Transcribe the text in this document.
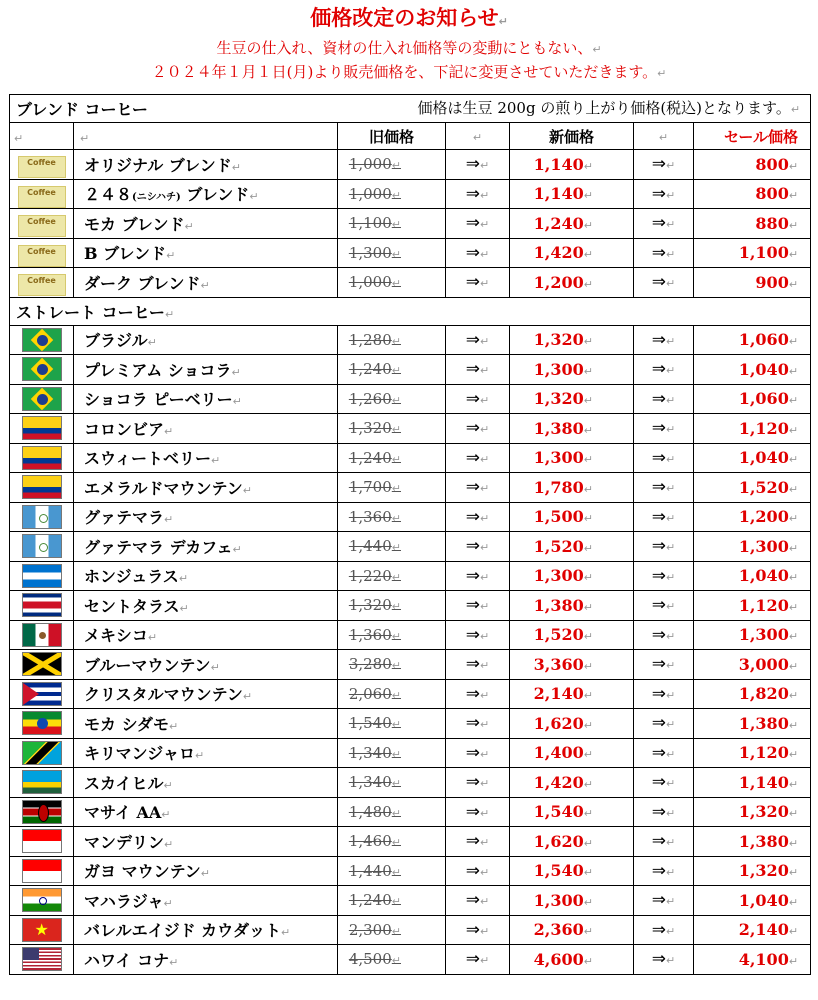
価格改定のお知らせ↵
生豆の仕入れ、資材の仕入れ価格等の変動にともない、↵
２０２４年１月１日(月)より販売価格を、下記に変更させていただきます。↵
ブレンド コーヒー 価格は生豆 200g の煎り上がり価格(税込)となります。↵						

↵	↵	旧価格	↵	新価格	↵	セール価格
Coffee	オリジナル ブレンド↵	1,000↵	⇒↵	1,140↵	⇒↵	800↵
Coffee	２４８(ニシハチ) ブレンド↵	1,000↵	⇒↵	1,140↵	⇒↵	800↵
Coffee	モカ ブレンド↵	1,100↵	⇒↵	1,240↵	⇒↵	880↵
Coffee	B ブレンド↵	1,300↵	⇒↵	1,420↵	⇒↵	1,100↵
Coffee	ダーク ブレンド↵	1,000↵	⇒↵	1,200↵	⇒↵	900↵
ストレート コーヒー↵						
	ブラジル↵	1,280↵	⇒↵	1,320↵	⇒↵	1,060↵
	プレミアム ショコラ↵	1,240↵	⇒↵	1,300↵	⇒↵	1,040↵
	ショコラ ピーベリー↵	1,260↵	⇒↵	1,320↵	⇒↵	1,060↵
	コロンビア↵	1,320↵	⇒↵	1,380↵	⇒↵	1,120↵
	スウィートベリー↵	1,240↵	⇒↵	1,300↵	⇒↵	1,040↵
	エメラルドマウンテン↵	1,700↵	⇒↵	1,780↵	⇒↵	1,520↵
	グァテマラ↵	1,360↵	⇒↵	1,500↵	⇒↵	1,200↵
	グァテマラ デカフェ↵	1,440↵	⇒↵	1,520↵	⇒↵	1,300↵
	ホンジュラス↵	1,220↵	⇒↵	1,300↵	⇒↵	1,040↵
	セントタラス↵	1,320↵	⇒↵	1,380↵	⇒↵	1,120↵
	メキシコ↵	1,360↵	⇒↵	1,520↵	⇒↵	1,300↵
	ブルーマウンテン↵	3,280↵	⇒↵	3,360↵	⇒↵	3,000↵
	クリスタルマウンテン↵	2,060↵	⇒↵	2,140↵	⇒↵	1,820↵
	モカ シダモ↵	1,540↵	⇒↵	1,620↵	⇒↵	1,380↵
	キリマンジャロ↵	1,340↵	⇒↵	1,400↵	⇒↵	1,120↵
	スカイヒル↵	1,340↵	⇒↵	1,420↵	⇒↵	1,140↵
	マサイ AA↵	1,480↵	⇒↵	1,540↵	⇒↵	1,320↵
	マンデリン↵	1,460↵	⇒↵	1,620↵	⇒↵	1,380↵
	ガヨ マウンテン↵	1,440↵	⇒↵	1,540↵	⇒↵	1,320↵
	マハラジャ↵	1,240↵	⇒↵	1,300↵	⇒↵	1,040↵
★	バレルエイジド カウダット↵	2,300↵	⇒↵	2,360↵	⇒↵	2,140↵
	ハワイ コナ↵	4,500↵	⇒↵	4,600↵	⇒↵	4,100↵
